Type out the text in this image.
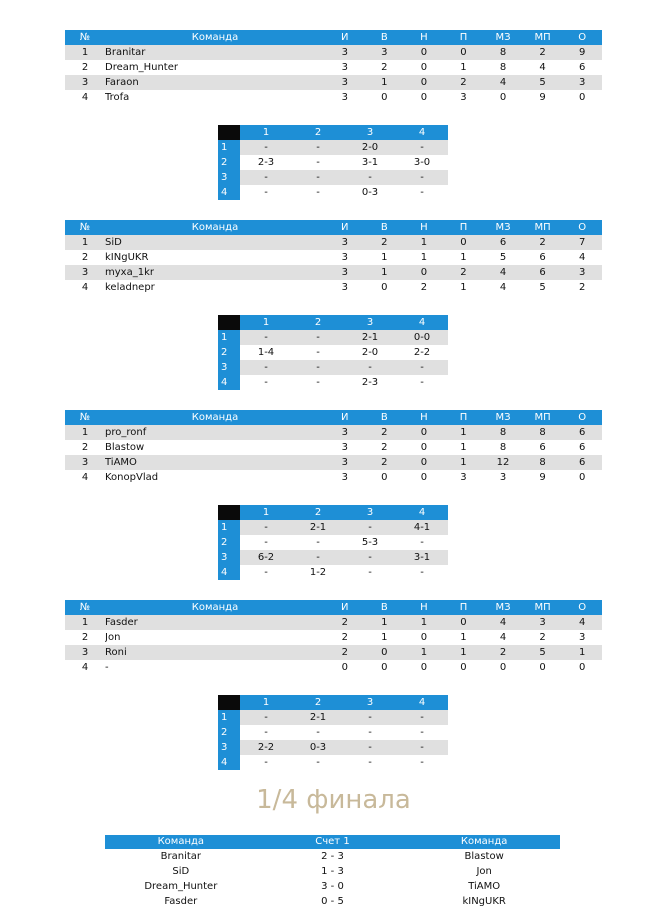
№	Команда	И	В	Н	П	МЗ	МП	О
1	Branitar	3	3	0	0	8	2	9
2	Dream_Hunter	3	2	0	1	8	4	6
3	Faraon	3	1	0	2	4	5	3
4	Trofa	3	0	0	3	0	9	0
	1	2	3	4
1	-	-	2-0	-
2	2-3	-	3-1	3-0
3	-	-	-	-
4	-	-	0-3	-
№	Команда	И	В	Н	П	МЗ	МП	О
1	SiD	3	2	1	0	6	2	7
2	kINgUKR	3	1	1	1	5	6	4
3	myxa_1kr	3	1	0	2	4	6	3
4	keladnepr	3	0	2	1	4	5	2
	1	2	3	4
1	-	-	2-1	0-0
2	1-4	-	2-0	2-2
3	-	-	-	-
4	-	-	2-3	-
№	Команда	И	В	Н	П	МЗ	МП	О
1	pro_ronf	3	2	0	1	8	8	6
2	Blastow	3	2	0	1	8	6	6
3	TiAMO	3	2	0	1	12	8	6
4	KonopVlad	3	0	0	3	3	9	0
	1	2	3	4
1	-	2-1	-	4-1
2	-	-	5-3	-
3	6-2	-	-	3-1
4	-	1-2	-	-
№	Команда	И	В	Н	П	МЗ	МП	О
1	Fasder	2	1	1	0	4	3	4
2	Jon	2	1	0	1	4	2	3
3	Roni	2	0	1	1	2	5	1
4	-	0	0	0	0	0	0	0
	1	2	3	4
1	-	2-1	-	-
2	-	-	-	-
3	2-2	0-3	-	-
4	-	-	-	-
1/4 финала
Команда	Счет 1	Команда
Branitar	2 - 3	Blastow
SiD	1 - 3	Jon
Dream_Hunter	3 - 0	TiAMO
Fasder	0 - 5	kINgUKR
